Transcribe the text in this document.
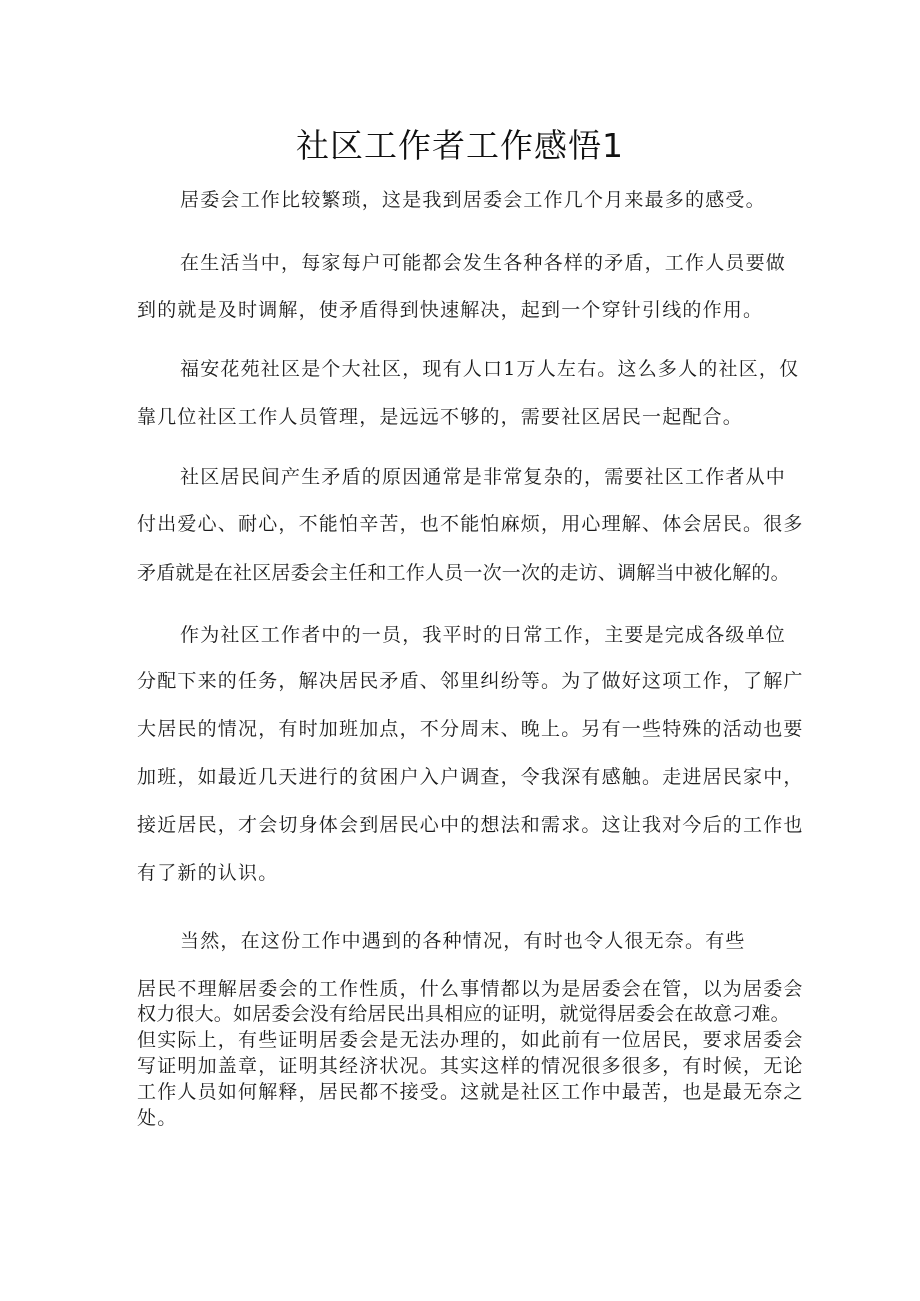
社区工作者工作感悟1
居委会工作比较繁琐，这是我到居委会工作几个月来最多的感受。
在生活当中，每家每户可能都会发生各种各样的矛盾，工作人员要做
到的就是及时调解，使矛盾得到快速解决，起到一个穿针引线的作用。
福安花苑社区是个大社区，现有人口1万人左右。这么多人的社区，仅
靠几位社区工作人员管理，是远远不够的，需要社区居民一起配合。
社区居民间产生矛盾的原因通常是非常复杂的，需要社区工作者从中
付出爱心、耐心，不能怕辛苦，也不能怕麻烦，用心理解、体会居民。很多
矛盾就是在社区居委会主任和工作人员一次一次的走访、调解当中被化解的。
作为社区工作者中的一员，我平时的日常工作，主要是完成各级单位
分配下来的任务，解决居民矛盾、邻里纠纷等。为了做好这项工作，了解广
大居民的情况，有时加班加点，不分周末、晚上。另有一些特殊的活动也要
加班，如最近几天进行的贫困户入户调查，令我深有感触。走进居民家中，
接近居民，才会切身体会到居民心中的想法和需求。这让我对今后的工作也
有了新的认识。
当然，在这份工作中遇到的各种情况，有时也令人很无奈。有些
居民不理解居委会的工作性质，什么事情都以为是居委会在管，以为居委会
权力很大。如居委会没有给居民出具相应的证明，就觉得居委会在故意刁难。
但实际上，有些证明居委会是无法办理的，如此前有一位居民，要求居委会
写证明加盖章，证明其经济状况。其实这样的情况很多很多，有时候，无论
工作人员如何解释，居民都不接受。这就是社区工作中最苦，也是最无奈之
处。
